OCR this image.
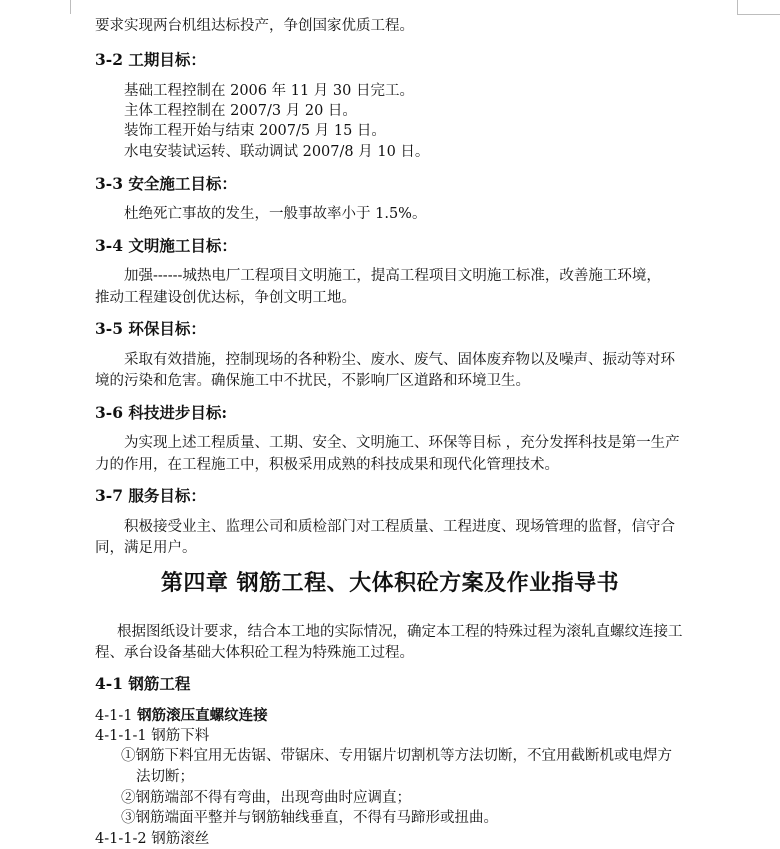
要求实现两台机组达标投产，争创国家优质工程。
3-2 工期目标：
基础工程控制在 2006 年 11 月 30 日完工。
主体工程控制在 2007/3 月 20 日。
装饰工程开始与结束 2007/5 月 15 日。
水电安装试运转、联动调试 2007/8 月 10 日。
3-3 安全施工目标：
杜绝死亡事故的发生，一般事故率小于 1.5%。
3-4 文明施工目标：
加强------城热电厂工程项目文明施工，提高工程项目文明施工标准，改善施工环境，
推动工程建设创优达标，争创文明工地。
3-5 环保目标：
采取有效措施，控制现场的各种粉尘、废水、废气、固体废弃物以及噪声、振动等对环
境的污染和危害。确保施工中不扰民，不影响厂区道路和环境卫生。
3-6 科技进步目标:
为实现上述工程质量、工期、安全、文明施工、环保等目标 ，充分发挥科技是第一生产
力的作用，在工程施工中，积极采用成熟的科技成果和现代化管理技术。
3-7 服务目标：
积极接受业主、监理公司和质检部门对工程质量、工程进度、现场管理的监督，信守合
同，满足用户。
第四章 钢筋工程、大体积砼方案及作业指导书
根据图纸设计要求，结合本工地的实际情况，确定本工程的特殊过程为滚轧直螺纹连接工
程、承台设备基础大体积砼工程为特殊施工过程。
4-1 钢筋工程
4-1-1 钢筋滚压直螺纹连接
4-1-1-1 钢筋下料
①钢筋下料宜用无齿锯、带锯床、专用锯片切割机等方法切断，不宜用截断机或电焊方
法切断；
②钢筋端部不得有弯曲，出现弯曲时应调直；
③钢筋端面平整并与钢筋轴线垂直，不得有马蹄形或扭曲。
4-1-1-2 钢筋滚丝
